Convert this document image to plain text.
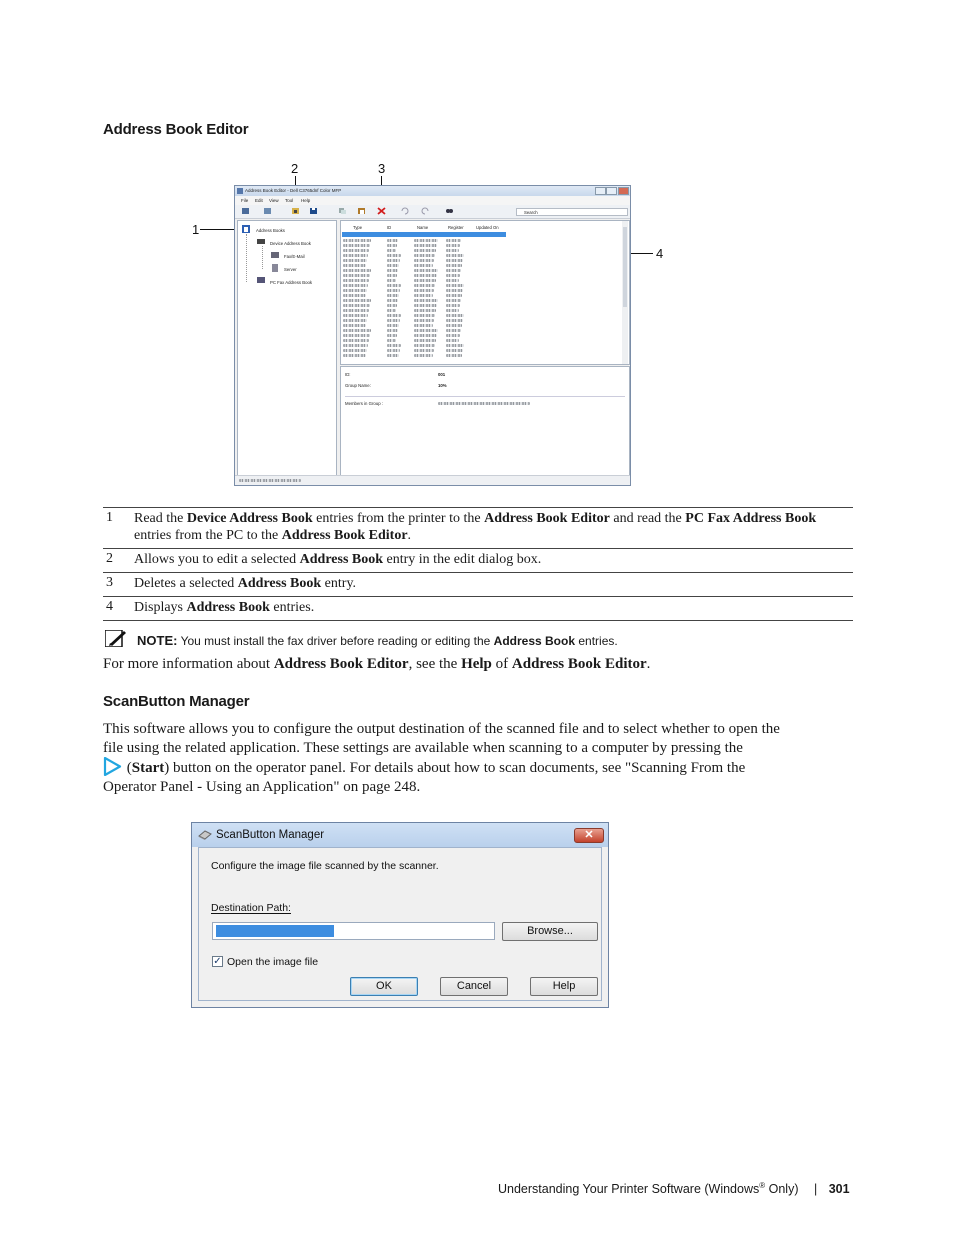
Address Book Editor
2	3
1
4
Address Book Editor - Dell C3765dnf Color MFP
File Edit View Tool Help
Search
Address Books
Device Address Book
Fax/E-Mail
Server
PC Fax Address Book
Type	ID	Name	Register	Updated On
ID:	001
Group Name:	10%
Members in Group :
1 Read the Device Address Book entries from the printer to the Address Book Editor and read the PC Fax Address Book entries from the PC to the Address Book Editor.
2 Allows you to edit a selected Address Book entry in the edit dialog box.
3 Deletes a selected Address Book entry.
4 Displays Address Book entries.
NOTE: You must install the fax driver before reading or editing the Address Book entries.
For more information about Address Book Editor, see the Help of Address Book Editor.
ScanButton Manager
This software allows you to configure the output destination of the scanned file and to select whether to open the
file using the related application. These settings are available when scanning to a computer by pressing the
(Start) button on the operator panel. For details about how to scan documents, see "Scanning From the
Operator Panel - Using an Application" on page 248.
ScanButton Manager	✕
Configure the image file scanned by the scanner.
Destination Path:
Browse...
✓ Open the image file
OK	Cancel	Help
Understanding Your Printer Software (Windows® Only) | 301
